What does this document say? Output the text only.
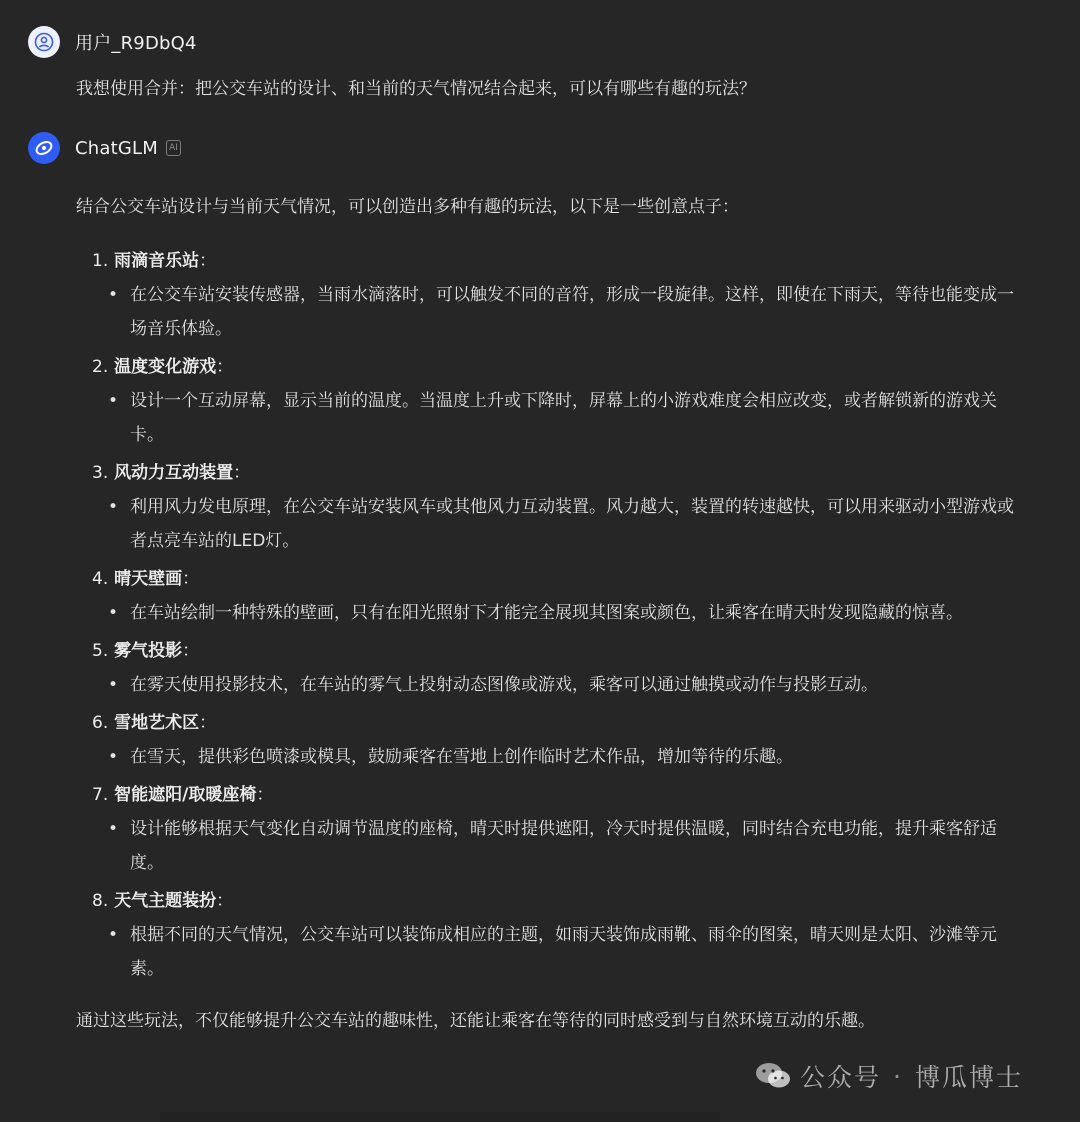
用户_R9DbQ4
我想使用合并：把公交车站的设计、和当前的天气情况结合起来，可以有哪些有趣的玩法？
ChatGLM	AI
结合公交车站设计与当前天气情况，可以创造出多种有趣的玩法，以下是一些创意点子：
1. 雨滴音乐站：
• 在公交车站安装传感器，当雨水滴落时，可以触发不同的音符，形成一段旋律。这样，即使在下雨天，等待也能变成一场音乐体验。
2. 温度变化游戏：
• 设计一个互动屏幕，显示当前的温度。当温度上升或下降时，屏幕上的小游戏难度会相应改变，或者解锁新的游戏关卡。
3. 风动力互动装置：
• 利用风力发电原理，在公交车站安装风车或其他风力互动装置。风力越大，装置的转速越快，可以用来驱动小型游戏或者点亮车站的LED灯。
4. 晴天壁画：
• 在车站绘制一种特殊的壁画，只有在阳光照射下才能完全展现其图案或颜色，让乘客在晴天时发现隐藏的惊喜。
5. 雾气投影：
• 在雾天使用投影技术，在车站的雾气上投射动态图像或游戏，乘客可以通过触摸或动作与投影互动。
6. 雪地艺术区：
• 在雪天，提供彩色喷漆或模具，鼓励乘客在雪地上创作临时艺术作品，增加等待的乐趣。
7. 智能遮阳/取暖座椅：
• 设计能够根据天气变化自动调节温度的座椅，晴天时提供遮阳，冷天时提供温暖，同时结合充电功能，提升乘客舒适度。
8. 天气主题装扮：
• 根据不同的天气情况，公交车站可以装饰成相应的主题，如雨天装饰成雨靴、雨伞的图案，晴天则是太阳、沙滩等元素。
通过这些玩法，不仅能够提升公交车站的趣味性，还能让乘客在等待的同时感受到与自然环境互动的乐趣。
公众号 · 博瓜博士
